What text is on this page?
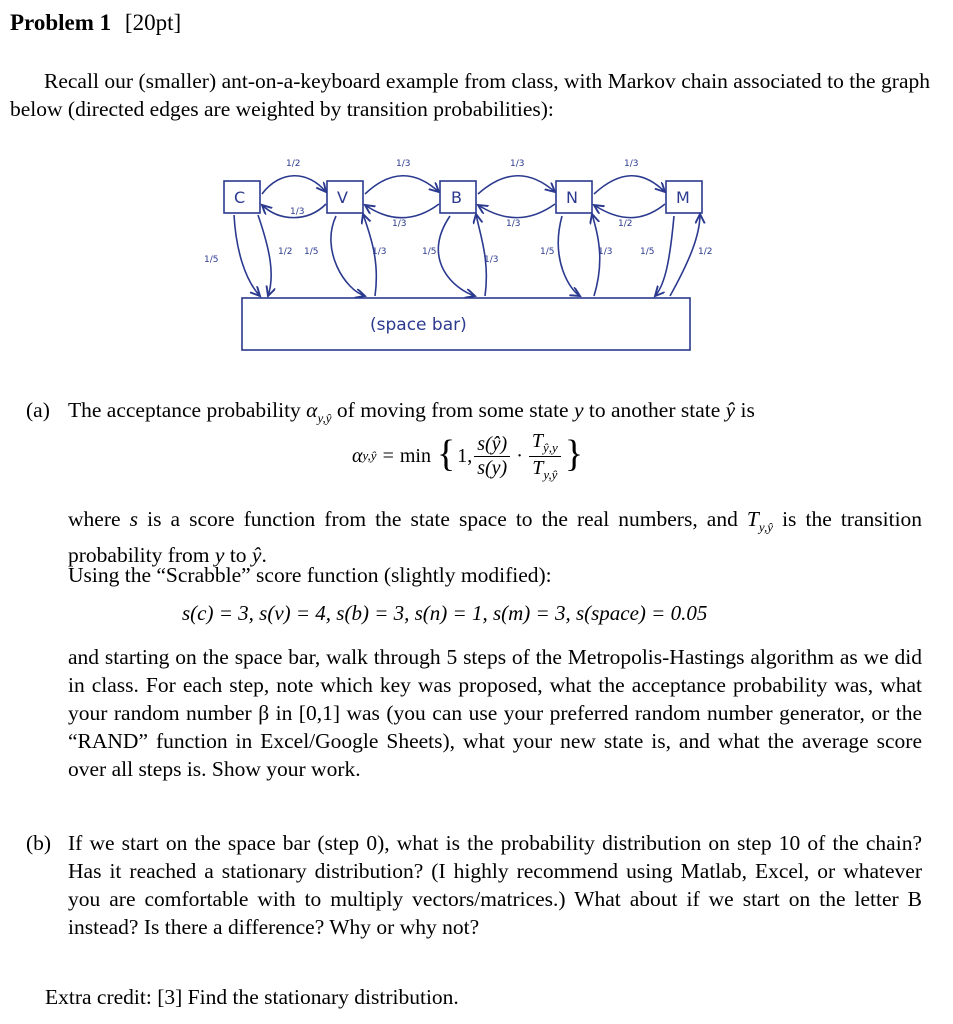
Problem 1 [20pt]

Recall our (smaller) ant-on-a-keyboard example from class, with Markov chain associated to the graph below (directed edges are weighted by transition probabilities):

C	V	B	N	M
(space bar)
1/2	1/3	1/3	1/3
1/3
1/3	1/3	1/2
1/5
1/2 1/5	1/3	1/5
1/3
1/5	1/3	1/5	1/2
(a) The acceptance probability $\alpha_{y,ŷ}$ of moving from some state y to another state ŷ is

α y,ŷ = min { 1, $\frac{s(ŷ)}{s(y)} \cdot \frac{T_{ŷ,y}}{T_{y,ŷ}}$ }

where s is a score function from the state space to the real numbers, and $T_{y,ŷ}$ is the transition probability from y to ŷ.

Using the “Scrabble” score function (slightly modified):

s(c) = 3, s(v) = 4, s(b) = 3, s(n) = 1, s(m) = 3, s(space) = 0.05

and starting on the space bar, walk through 5 steps of the Metropolis-Hastings algorithm as we did in class. For each step, note which key was proposed, what the acceptance probability was, what your random number β in [0,1] was (you can use your preferred random number generator, or the “RAND” function in Excel/Google Sheets), what your new state is, and what the average score over all steps is. Show your work.

(b) If we start on the space bar (step 0), what is the probability distribution on step 10 of the chain? Has it reached a stationary distribution? (I highly recommend using Matlab, Excel, or whatever you are comfortable with to multiply vectors/matrices.) What about if we start on the letter B instead? Is there a difference? Why or why not?

Extra credit: [3] Find the stationary distribution.
